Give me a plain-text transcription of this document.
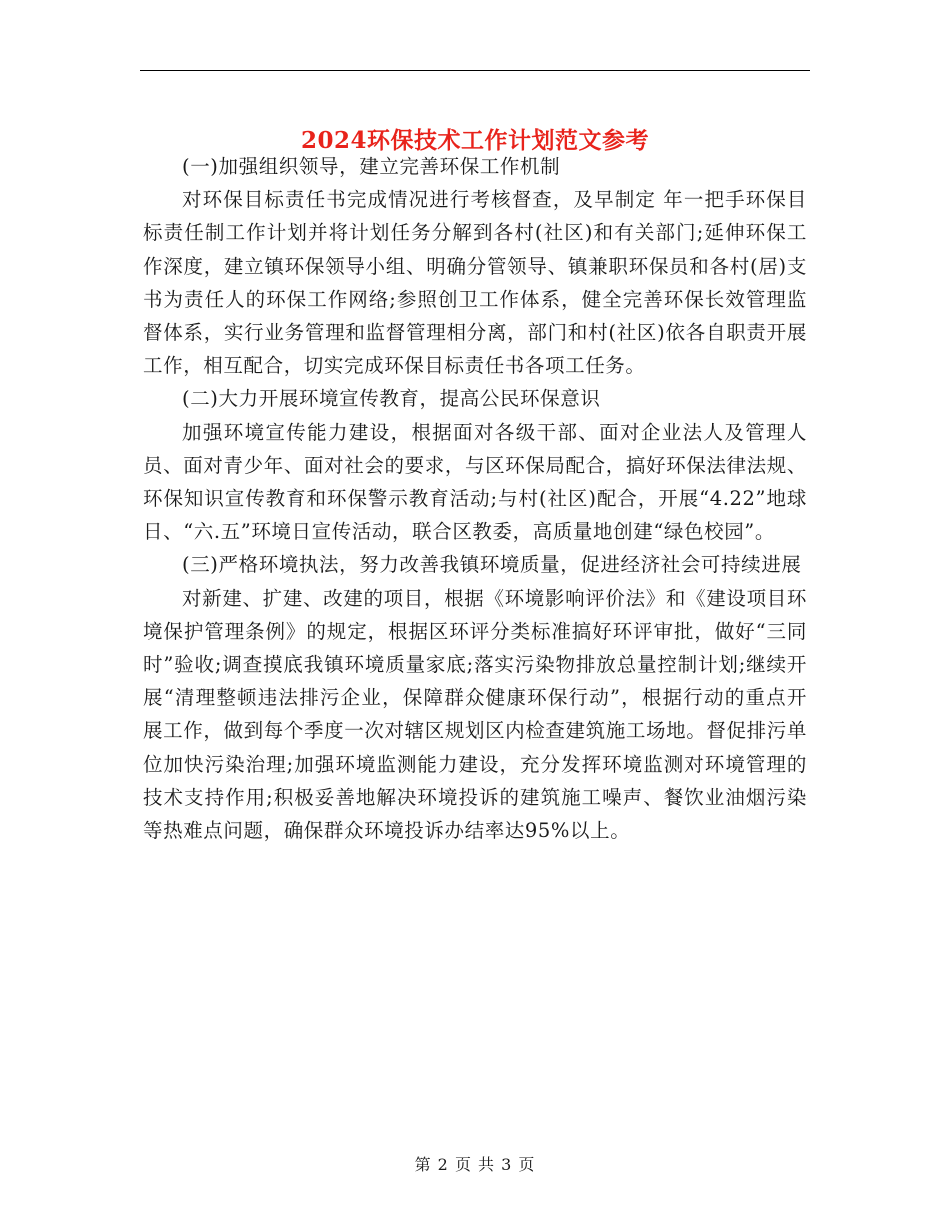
2024环保技术工作计划范文参考

(一)加强组织领导，建立完善环保工作机制

对环保目标责任书完成情况进行考核督查，及早制定 年一把手环保目标责任制工作计划并将计划任务分解到各村(社区)和有关部门;延伸环保工作深度，建立镇环保领导小组、明确分管领导、镇兼职环保员和各村(居)支书为责任人的环保工作网络;参照创卫工作体系，健全完善环保长效管理监督体系，实行业务管理和监督管理相分离，部门和村(社区)依各自职责开展工作，相互配合，切实完成环保目标责任书各项工任务。

(二)大力开展环境宣传教育，提高公民环保意识

加强环境宣传能力建设，根据面对各级干部、面对企业法人及管理人员、面对青少年、面对社会的要求，与区环保局配合，搞好环保法律法规、环保知识宣传教育和环保警示教育活动;与村(社区)配合，开展“4.22”地球日、“六.五”环境日宣传活动，联合区教委，高质量地创建“绿色校园”。

(三)严格环境执法，努力改善我镇环境质量，促进经济社会可持续进展

对新建、扩建、改建的项目，根据《环境影响评价法》和《建设项目环境保护管理条例》的规定，根据区环评分类标准搞好环评审批，做好“三同时”验收;调查摸底我镇环境质量家底;落实污染物排放总量控制计划;继续开展“清理整顿违法排污企业，保障群众健康环保行动”，根据行动的重点开展工作，做到每个季度一次对辖区规划区内检查建筑施工场地。督促排污单位加快污染治理;加强环境监测能力建设，充分发挥环境监测对环境管理的技术支持作用;积极妥善地解决环境投诉的建筑施工噪声、餐饮业油烟污染等热难点问题，确保群众环境投诉办结率达95%以上。

第 2 页 共 3 页
